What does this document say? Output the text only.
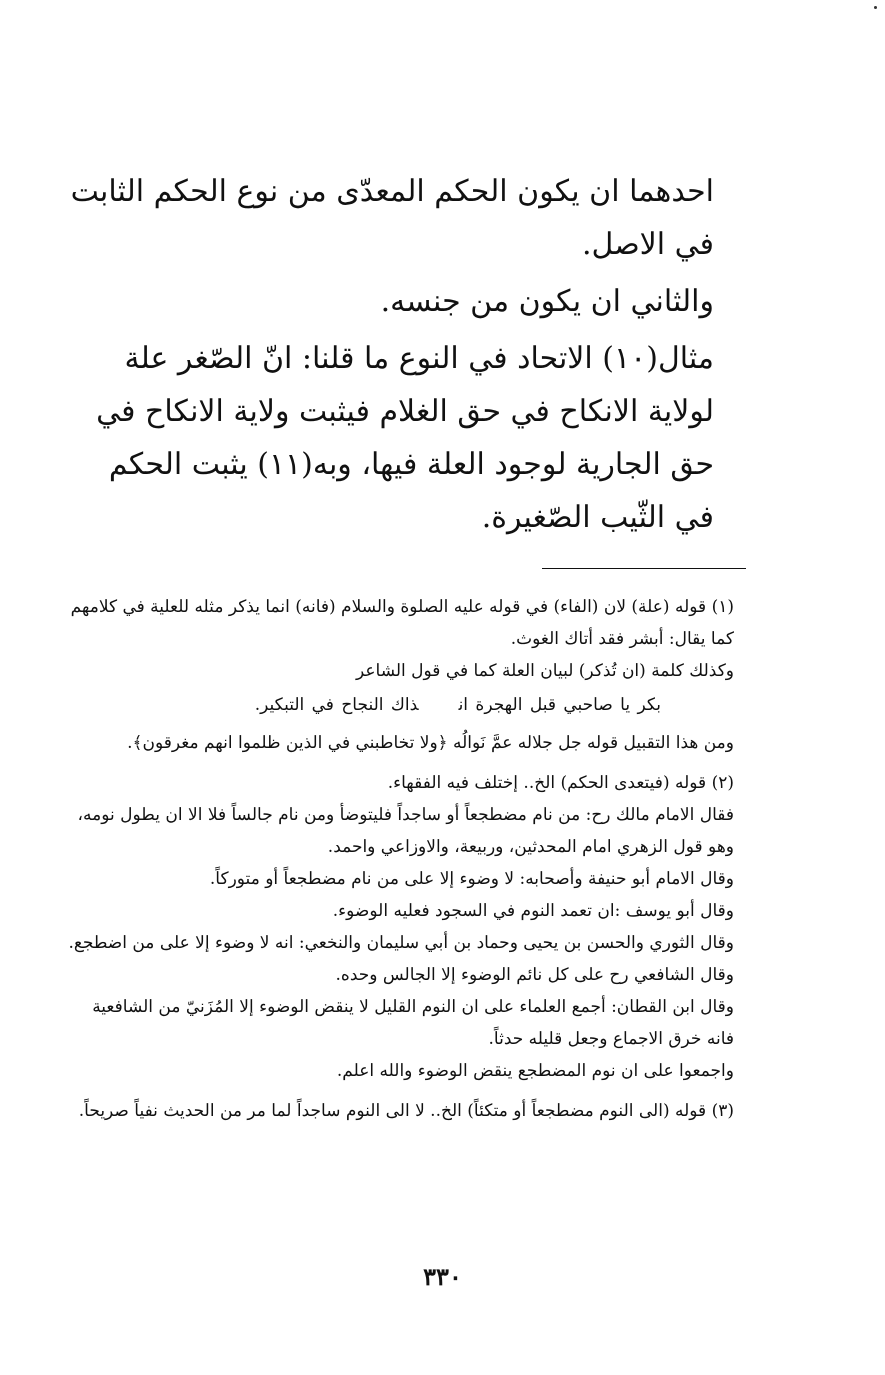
احدهما ان يكون الحكم المعدّى من نوع الحكم الثابت في الاصل.

والثاني ان يكون من جنسه.

مثال(١٠) الاتحاد في النوع ما قلنا: انّ الصّغر علة لولاية الانكاح في حق الغلام فيثبت ولاية الانكاح في حق الجارية لوجود العلة فيها، وبه(١١) يثبت الحكم في الثّيب الصّغيرة.

(١) قوله (علة) لان (الفاء) في قوله عليه الصلوة والسلام (فانه) انما يذكر مثله للعلية في كلامهم كما يقال: أبشر فقد أتاك الغوث.

وكذلك كلمة (ان تُذكر) لبيان العلة كما في قول الشاعر

بكر يا صاحبي قبل الهجرة انذاك النجاح في التبكير.

ومن هذا التقبيل قوله جل جلاله عمَّ نَوالُه ﴿ولا تخاطبني في الذين ظلموا انهم مغرقون﴾.

(٢) قوله (فيتعدى الحكم) الخ.. إختلف فيه الفقهاء.

فقال الامام مالك رح: من نام مضطجعاً أو ساجداً فليتوضأ ومن نام جالساً فلا الا ان يطول نومه، وهو قول الزهري امام المحدثين، وربيعة، والاوزاعي واحمد.

وقال الامام أبو حنيفة وأصحابه: لا وضوء إلا على من نام مضطجعاً أو متوركاً.

وقال أبو يوسف :ان تعمد النوم في السجود فعليه الوضوء.

وقال الثوري والحسن بن يحيى وحماد بن أبي سليمان والنخعي: انه لا وضوء إلا على من اضطجع.

وقال الشافعي رح على كل نائم الوضوء إلا الجالس وحده.

وقال ابن القطان: أجمع العلماء على ان النوم القليل لا ينقض الوضوء إلا المُزَنيّ من الشافعية فانه خرق الاجماع وجعل قليله حدثاً.

واجمعوا على ان نوم المضطجع ينقض الوضوء والله اعلم.

(٣) قوله (الى النوم مضطجعاً أو متكئاً) الخ.. لا الى النوم ساجداً لما مر من الحديث نفياً صريحاً.

٣٣٠
